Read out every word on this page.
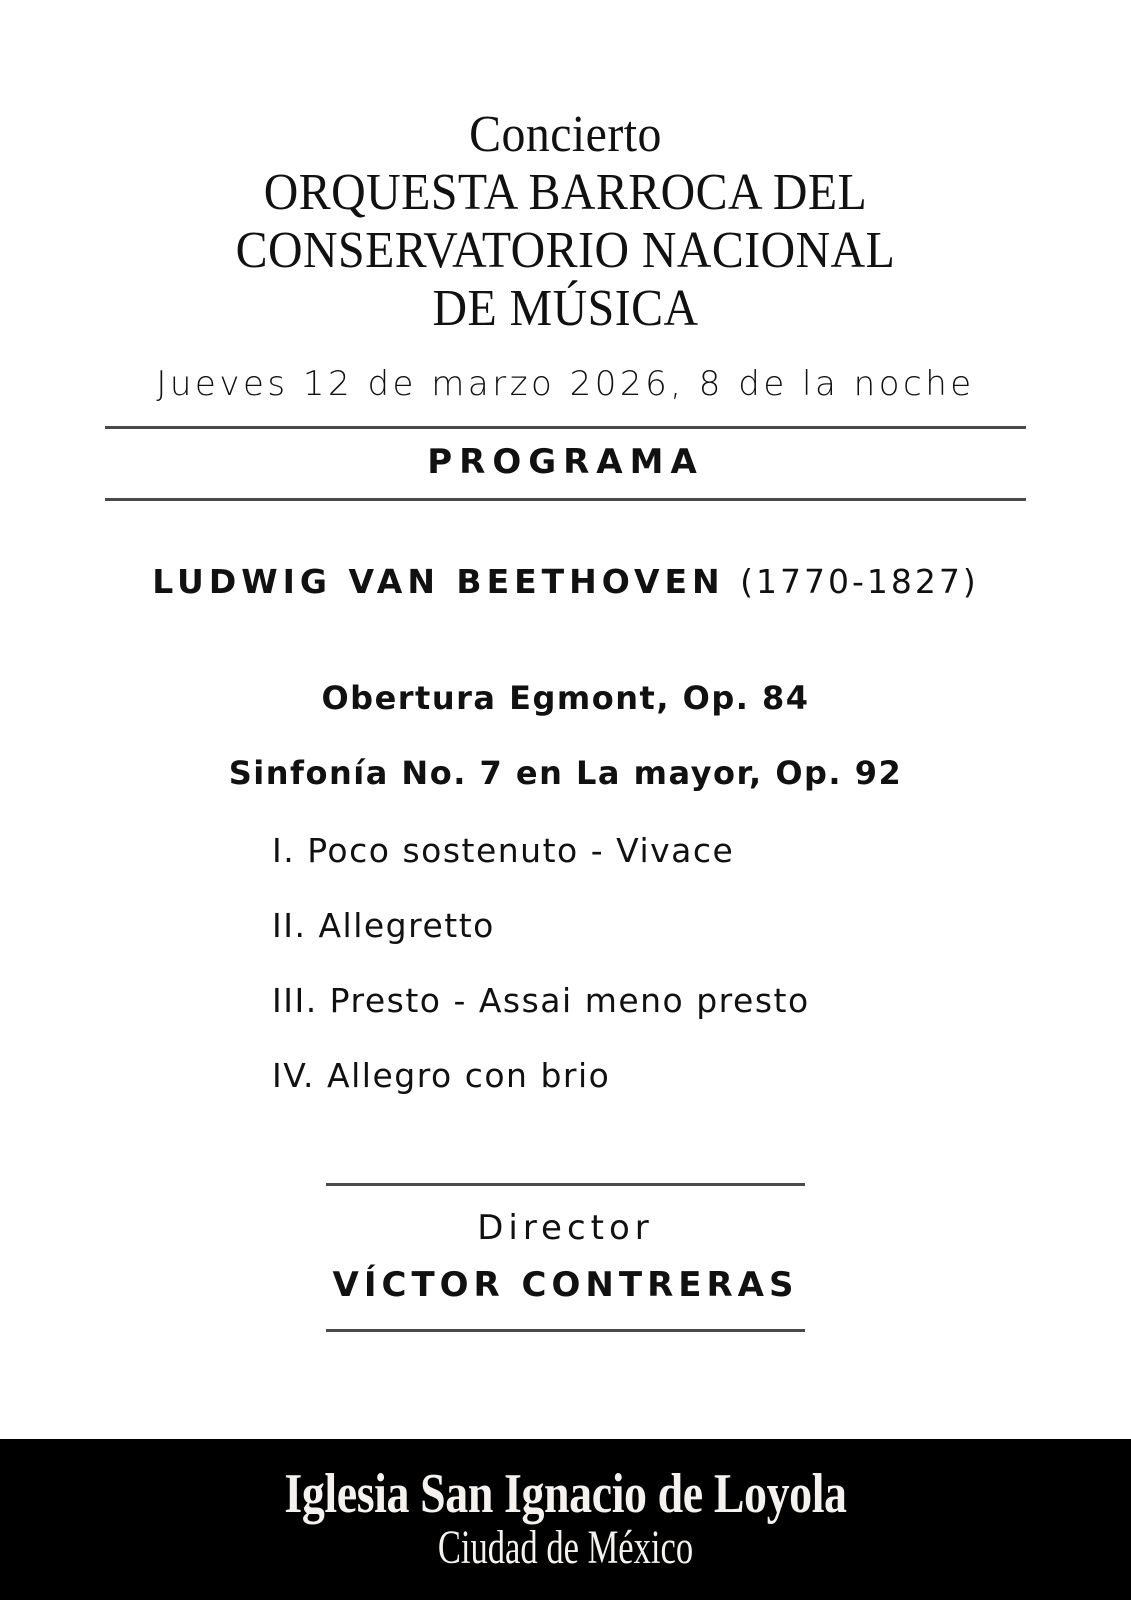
Concierto
ORQUESTA BARROCA DEL
CONSERVATORIO NACIONAL
DE MÚSICA
Jueves 12 de marzo 2026, 8 de la noche
PROGRAMA
LUDWIG VAN BEETHOVEN (1770-1827)
Obertura Egmont, Op. 84
Sinfonía No. 7 en La mayor, Op. 92
I. Poco sostenuto - Vivace
II. Allegretto
III. Presto - Assai meno presto
IV. Allegro con brio
Director
VÍCTOR CONTRERAS
Iglesia San Ignacio de Loyola
Ciudad de México
